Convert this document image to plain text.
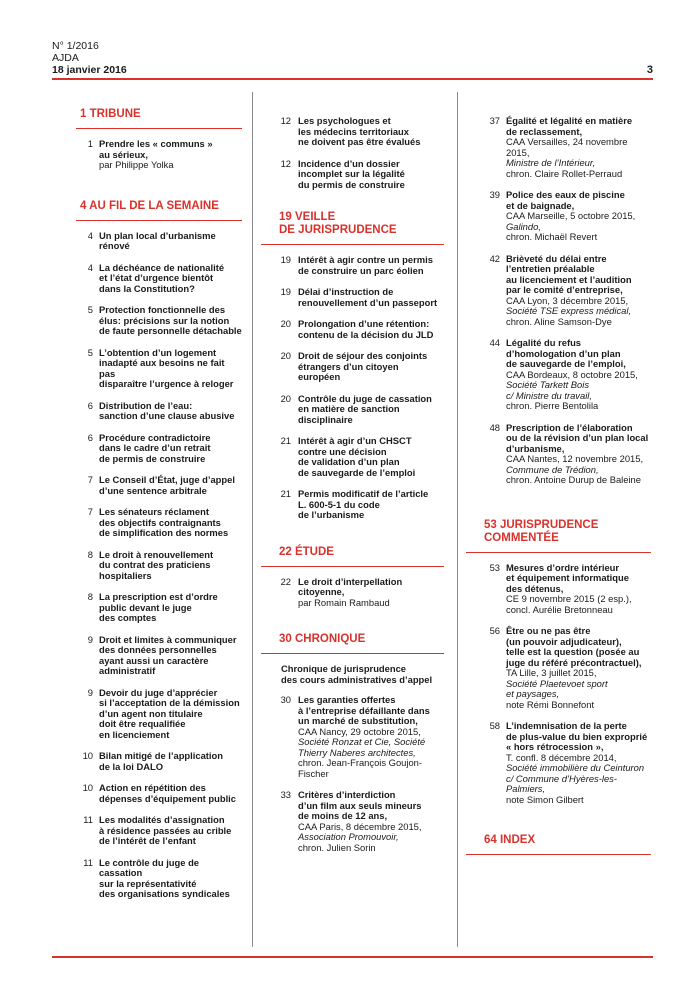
N° 1/2016
AJDA
18 janvier 2016	3
1 TRIBUNE
1 Prendre les « communs »
au sérieux,
par Philippe Yolka
4 AU FIL DE LA SEMAINE
4 Un plan local d’urbanisme
rénové
4 La déchéance de nationalité
et l’état d’urgence bientôt
dans la Constitution?
5 Protection fonctionnelle des
élus: précisions sur la notion
de faute personnelle détachable
5 L’obtention d’un logement
inadapté aux besoins ne fait pas
disparaître l’urgence à reloger
6 Distribution de l’eau:
sanction d’une clause abusive
6 Procédure contradictoire
dans le cadre d’un retrait
de permis de construire
7 Le Conseil d’État, juge d’appel
d’une sentence arbitrale
7 Les sénateurs réclament
des objectifs contraignants
de simplification des normes
8 Le droit à renouvellement
du contrat des praticiens
hospitaliers
8 La prescription est d’ordre
public devant le juge
des comptes
9 Droit et limites à communiquer
des données personnelles
ayant aussi un caractère
administratif
9 Devoir du juge d’apprécier
si l’acceptation de la démission
d’un agent non titulaire
doit être requalifiée
en licenciement
10 Bilan mitigé de l’application
de la loi DALO
10 Action en répétition des
dépenses d’équipement public
11 Les modalités d’assignation
à résidence passées au crible
de l’intérêt de l’enfant
11 Le contrôle du juge de cassation
sur la représentativité
des organisations syndicales
12 Les psychologues et
les médecins territoriaux
ne doivent pas être évalués
12 Incidence d’un dossier
incomplet sur la légalité
du permis de construire
19 VEILLE
DE JURISPRUDENCE
19 Intérêt à agir contre un permis
de construire un parc éolien
19 Délai d’instruction de
renouvellement d’un passeport
20 Prolongation d’une rétention:
contenu de la décision du JLD
20 Droit de séjour des conjoints
étrangers d’un citoyen
européen
20 Contrôle du juge de cassation
en matière de sanction
disciplinaire
21 Intérêt à agir d’un CHSCT
contre une décision
de validation d’un plan
de sauvegarde de l’emploi
21 Permis modificatif de l’article
L. 600-5-1 du code
de l’urbanisme
22 ÉTUDE
22 Le droit d’interpellation
citoyenne,
par Romain Rambaud
30 CHRONIQUE
Chronique de jurisprudence
des cours administratives d’appel
30 Les garanties offertes
à l’entreprise défaillante dans
un marché de substitution,
CAA Nancy, 29 octobre 2015,
Société Ronzat et Cie, Société
Thierry Naberes architectes,
chron. Jean-François Goujon-Fischer
33 Critères d’interdiction
d’un film aux seuls mineurs
de moins de 12 ans,
CAA Paris, 8 décembre 2015,
Association Promouvoir,
chron. Julien Sorin
37 Égalité et légalité en matière
de reclassement,
CAA Versailles, 24 novembre 2015,
Ministre de l’Intérieur,
chron. Claire Rollet-Perraud
39 Police des eaux de piscine
et de baignade,
CAA Marseille, 5 octobre 2015,
Galindo,
chron. Michaël Revert
42 Brièveté du délai entre
l’entretien préalable
au licenciement et l’audition
par le comité d’entreprise,
CAA Lyon, 3 décembre 2015,
Société TSE express médical,
chron. Aline Samson-Dye
44 Légalité du refus
d’homologation d’un plan
de sauvegarde de l’emploi,
CAA Bordeaux, 8 octobre 2015,
Société Tarkett Bois
c/ Ministre du travail,
chron. Pierre Bentolila
48 Prescription de l’élaboration
ou de la révision d’un plan local
d’urbanisme,
CAA Nantes, 12 novembre 2015,
Commune de Trédion,
chron. Antoine Durup de Baleine
53 JURISPRUDENCE
COMMENTÉE
53 Mesures d’ordre intérieur
et équipement informatique
des détenus,
CE 9 novembre 2015 (2 esp.),
concl. Aurélie Bretonneau
56 Être ou ne pas être
(un pouvoir adjudicateur),
telle est la question (posée au
juge du référé précontractuel),
TA Lille, 3 juillet 2015,
Société Plaetevoet sport
et paysages,
note Rémi Bonnefont
58 L’indemnisation de la perte
de plus-value du bien exproprié
« hors rétrocession »,
T. confl. 8 décembre 2014,
Société immobilière du Ceinturon
c/ Commune d’Hyères-les-Palmiers,
note Simon Gilbert
64 INDEX
